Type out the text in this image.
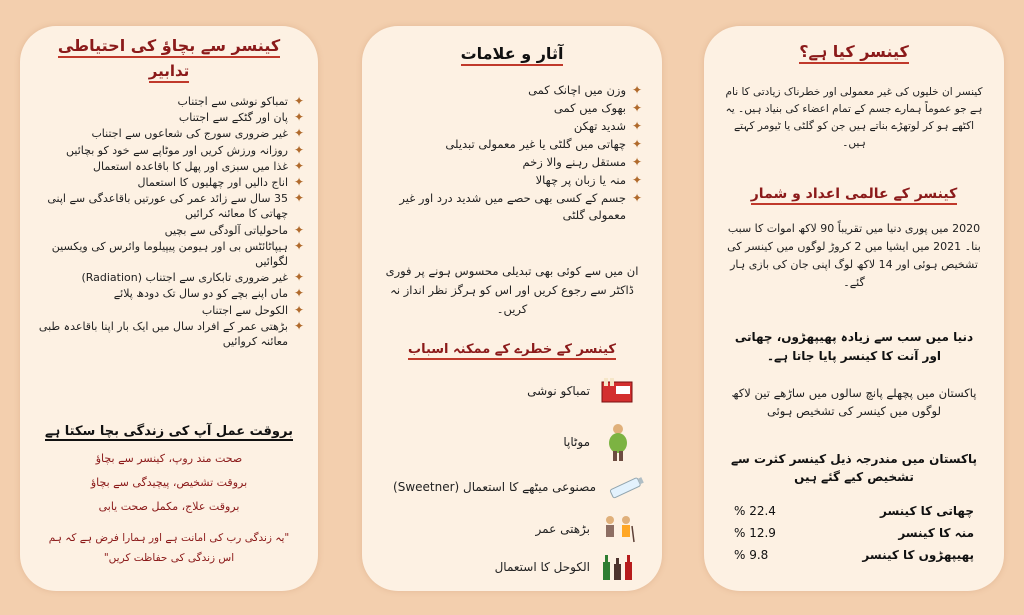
کینسر سے بچاؤ کی احتیاطی
تدابیر
✦
تمباکو نوشی سے اجتناب
✦
پان اور گٹکے سے اجتناب
✦
غیر ضروری سورج کی شعاعوں سے اجتناب
✦
روزانہ ورزش کریں اور موٹاپے سے خود کو بچائیں
✦
غذا میں سبزی اور پھل کا باقاعدہ استعمال
✦
اناج دالیں اور چھلیوں کا استعمال
✦
35 سال سے زائد عمر کی عورتیں باقاعدگی سے اپنی چھاتی کا معائنہ کرائیں
✦
ماحولیاتی آلودگی سے بچیں
✦
ہیپاٹائٹس بی اور ہیومن پیپیلوما وائرس کی ویکسین لگوائیں
✦
غیر ضروری تابکاری سے اجتناب (Radiation)
✦
ماں اپنے بچے کو دو سال تک دودھ پلائے
✦
الکوحل سے اجتناب
✦
بڑھتی عمر کے افراد سال میں ایک بار اپنا باقاعدہ طبی معائنہ کروائیں
بروقت عمل آپ کی زندگی بچا سکتا ہے
صحت مند روپ، کینسر سے بچاؤ
بروقت تشخیص، پیچیدگی سے بچاؤ
بروقت علاج، مکمل صحت یابی
"یہ زندگی رب کی امانت ہے اور ہمارا فرض ہے کہ ہم
اس زندگی کی حفاظت کریں"
آثار و علامات
✦
وزن میں اچانک کمی
✦
بھوک میں کمی
✦
شدید تھکن
✦
چھاتی میں گلٹی یا غیر معمولی تبدیلی
✦
مستقل رہنے والا زخم
✦
منہ یا زبان پر چھالا
✦
جسم کے کسی بھی حصے میں شدید درد اور غیر معمولی گلٹی
ان میں سے کوئی بھی تبدیلی محسوس ہونے پر فوری ڈاکٹر سے رجوع کریں اور اس کو ہرگز نظر انداز نہ کریں۔
کینسر کے خطرے کے ممکنہ اسباب
تمباکو نوشی
موٹاپا
مصنوعی میٹھے کا استعمال (Sweetner)
بڑھتی عمر
الکوحل کا استعمال
کینسر کیا ہے؟
کینسر ان خلیوں کی غیر معمولی اور خطرناک زیادتی کا نام ہے جو عموماً ہمارے جسم کے تمام اعضاء کی بنیاد ہیں۔ یہ اکٹھے ہو کر لوتھڑے بناتے ہیں جن کو گلٹی یا ٹیومر کہتے ہیں۔
کینسر کے عالمی اعداد و شمار
2020 میں پوری دنیا میں تقریباً 90 لاکھ اموات کا سبب بنا۔ 2021 میں ایشیا میں 2 کروڑ لوگوں میں کینسر کی تشخیص ہوئی اور 14 لاکھ لوگ اپنی جان کی بازی ہار گئے۔
دنیا میں سب سے زیادہ پھیپھڑوں، چھاتی اور آنت کا کینسر پایا جاتا ہے۔
پاکستان میں پچھلے پانچ سالوں میں ساڑھے تین لاکھ لوگوں میں کینسر کی تشخیص ہوئی
پاکستان میں مندرجہ ذیل کینسر کثرت سے تشخیص کیے گئے ہیں
چھاتی کا کینسر
% 22.4
منہ کا کینسر
% 12.9
پھیپھڑوں کا کینسر
% 9.8
